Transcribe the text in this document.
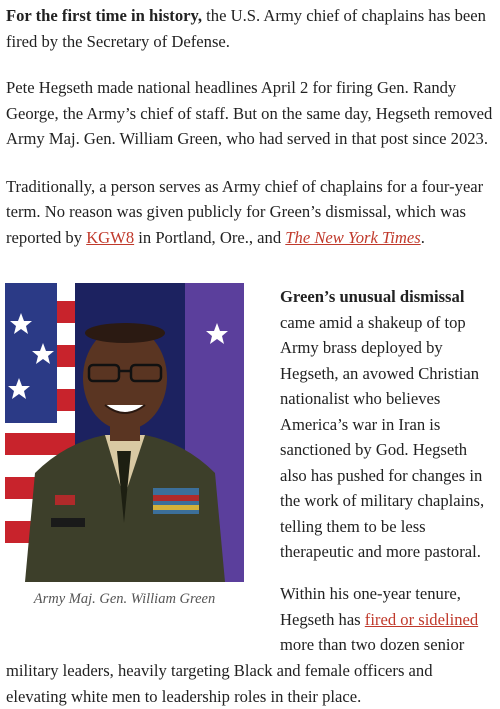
For the first time in history, the U.S. Army chief of chaplains has been fired by the Secretary of Defense.

Pete Hegseth made national headlines April 2 for firing Gen. Randy George, the Army’s chief of staff. But on the same day, Hegseth removed Army Maj. Gen. William Green, who had served in that post since 2023.

Traditionally, a person serves as Army chief of chaplains for a four-year term. No reason was given publicly for Green’s dismissal, which was reported by KGW8 in Portland, Ore., and The New York Times.

Army Maj. Gen. William Green

Green’s unusual dismissal came amid a shakeup of top Army brass deployed by Hegseth, an avowed Christian nationalist who believes America’s war in Iran is sanctioned by God. Hegseth also has pushed for changes in the work of military chaplains, telling them to be less therapeutic and more pastoral.

Within his one-year tenure, Hegseth has fired or sidelined more than two dozen senior

military leaders, heavily targeting Black and female officers and elevating white men to leadership roles in their place.
